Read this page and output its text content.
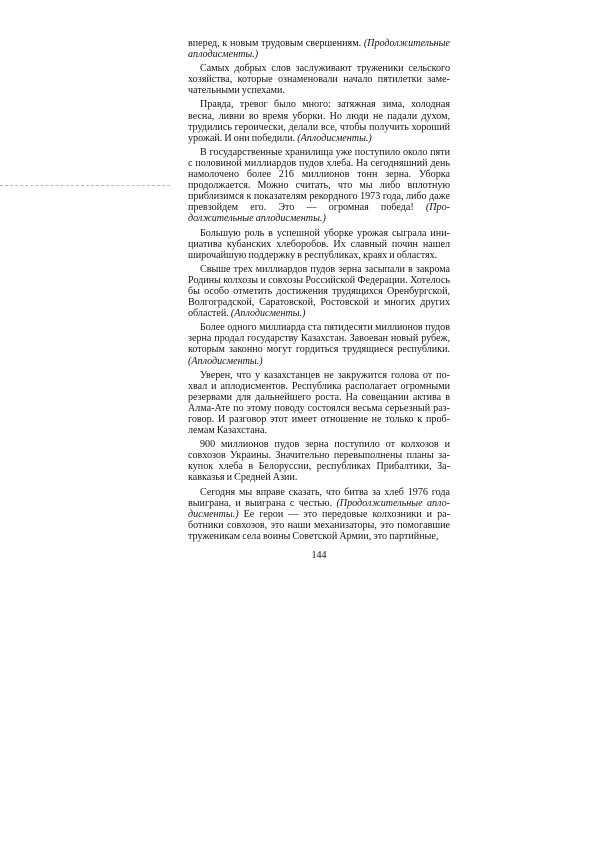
вперед, к новым трудовым свершениям. (Продолжительные аплодисменты.)

Самых добрых слов заслуживают труженики сельского хозяйства, которые ознаменовали начало пятилетки замечательными успехами.

Правда, тревог было много: затяжная зима, холодная весна, ливни во время уборки. Но люди не падали духом, трудились героически, делали все, чтобы получить хороший урожай. И они победили. (Аплодисменты.)

В государственные хранилища уже поступило около пяти с половиной миллиардов пудов хлеба. На сегодняшний день намолочено более 216 миллионов тонн зерна. Уборка продолжается. Можно считать, что мы либо вплотную приблизимся к показателям рекордного 1973 года, либо даже превзойдем его. Это — огромная победа! (Продолжительные аплодисменты.)

Большую роль в успешной уборке урожая сыграла инициатива кубанских хлеборобов. Их славный почин нашел широчайшую поддержку в республиках, краях и областях.

Свыше трех миллиардов пудов зерна засыпали в закрома Родины колхозы и совхозы Российской Федерации. Хотелось бы особо отметить достижения трудящихся Оренбургской, Волгоградской, Саратовской, Ростовской и многих других областей. (Аплодисменты.)

Более одного миллиарда ста пятидесяти миллионов пудов зерна продал государству Казахстан. Завоеван новый рубеж, которым законно могут гордиться трудящиеся республики. (Аплодисменты.)

Уверен, что у казахстанцев не закружится голова от похвал и аплодисментов. Республика располагает огромными резервами для дальнейшего роста. На совещании актива в Алма-Ате по этому поводу состоялся весьма серьезный разговор. И разговор этот имеет отношение не только к проблемам Казахстана.

900 миллионов пудов зерна поступило от колхозов и совхозов Украины. Значительно перевыполнены планы закупок хлеба в Белоруссии, республиках Прибалтики, Закавказья и Средней Азии.

Сегодня мы вправе сказать, что битва за хлеб 1976 года выиграна, и выиграна с честью. (Продолжительные аплодисменты.) Ее герои — это передовые колхозники и работники совхозов, это наши механизаторы, это помогавшие труженикам села воины Советской Армии, это партийные,

144
